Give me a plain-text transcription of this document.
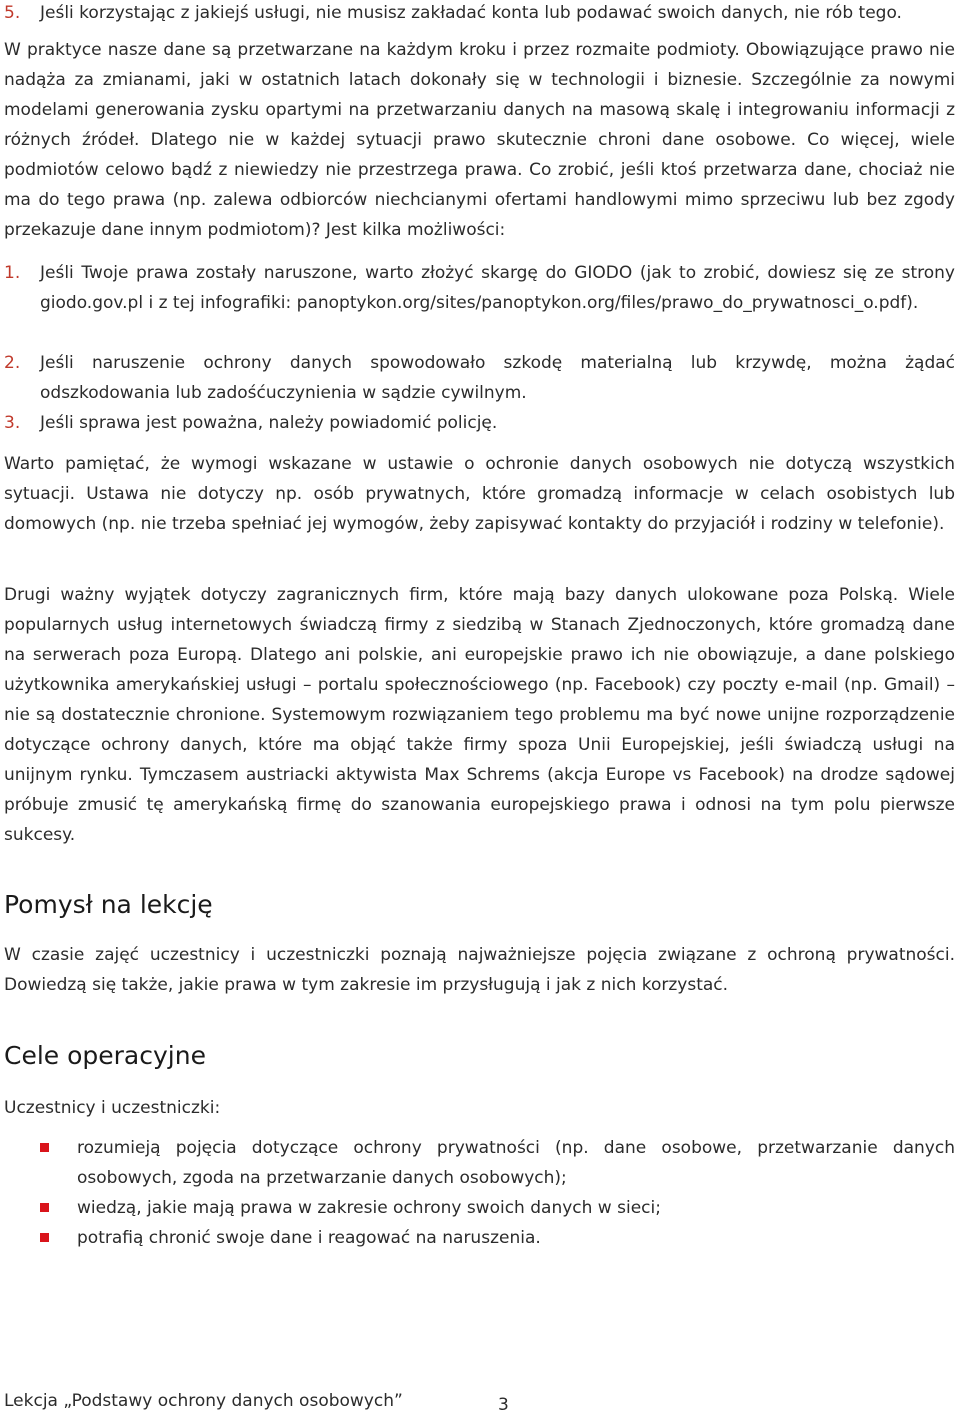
5. Jeśli korzystając z jakiejś usługi, nie musisz zakładać konta lub podawać swoich danych, nie rób tego.

W praktyce nasze dane są przetwarzane na każdym kroku i przez rozmaite podmioty. Obowiązujące prawo nie nadąża za zmianami, jaki w ostatnich latach dokonały się w technologii i biznesie. Szczególnie za nowymi modelami generowania zysku opartymi na przetwarzaniu danych na masową skalę i integrowaniu informacji z różnych źródeł. Dlatego nie w każdej sytuacji prawo skutecznie chroni dane osobowe. Co więcej, wiele podmiotów celowo bądź z niewiedzy nie przestrzega prawa. Co zrobić, jeśli ktoś przetwarza dane, chociaż nie ma do tego prawa (np. zalewa odbiorców niechcianymi ofertami handlowymi mimo sprzeciwu lub bez zgody przekazuje dane innym podmiotom)? Jest kilka możliwości:

1. Jeśli Twoje prawa zostały naruszone, warto złożyć skargę do GIODO (jak to zrobić, dowiesz się ze strony giodo.gov.pl i z tej infografiki: panoptykon.org/sites/panoptykon.org/files/prawo_do_prywatnosci_o.pdf).

2. Jeśli naruszenie ochrony danych spowodowało szkodę materialną lub krzywdę, można żądać odszkodowania lub zadośćuczynienia w sądzie cywilnym.

3. Jeśli sprawa jest poważna, należy powiadomić policję.

Warto pamiętać, że wymogi wskazane w ustawie o ochronie danych osobowych nie dotyczą wszystkich sytuacji. Ustawa nie dotyczy np. osób prywatnych, które gromadzą informacje w celach osobistych lub domowych (np. nie trzeba spełniać jej wymogów, żeby zapisywać kontakty do przyjaciół i rodziny w telefonie).

Drugi ważny wyjątek dotyczy zagranicznych firm, które mają bazy danych ulokowane poza Polską. Wiele popularnych usług internetowych świadczą firmy z siedzibą w Stanach Zjednoczonych, które gromadzą dane na serwerach poza Europą. Dlatego ani polskie, ani europejskie prawo ich nie obowiązuje, a dane polskiego użytkownika amerykańskiej usługi – portalu społecznościowego (np. Facebook) czy poczty e-mail (np. Gmail) – nie są dostatecznie chronione. Systemowym rozwiązaniem tego problemu ma być nowe unijne rozporządzenie dotyczące ochrony danych, które ma objąć także firmy spoza Unii Europejskiej, jeśli świadczą usługi na unijnym rynku. Tymczasem austriacki aktywista Max Schrems (akcja Europe vs Facebook) na drodze sądowej próbuje zmusić tę amerykańską firmę do szanowania europejskiego prawa i odnosi na tym polu pierwsze sukcesy.

Pomysł na lekcję

W czasie zajęć uczestnicy i uczestniczki poznają najważniejsze pojęcia związane z ochroną prywatności. Dowiedzą się także, jakie prawa w tym zakresie im przysługują i jak z nich korzystać.

Cele operacyjne

Uczestnicy i uczestniczki:

rozumieją pojęcia dotyczące ochrony prywatności (np. dane osobowe, przetwarzanie danych osobowych, zgoda na przetwarzanie danych osobowych);

wiedzą, jakie mają prawa w zakresie ochrony swoich danych w sieci;

potrafią chronić swoje dane i reagować na naruszenia.

Lekcja „Podstawy ochrony danych osobowych”	3
